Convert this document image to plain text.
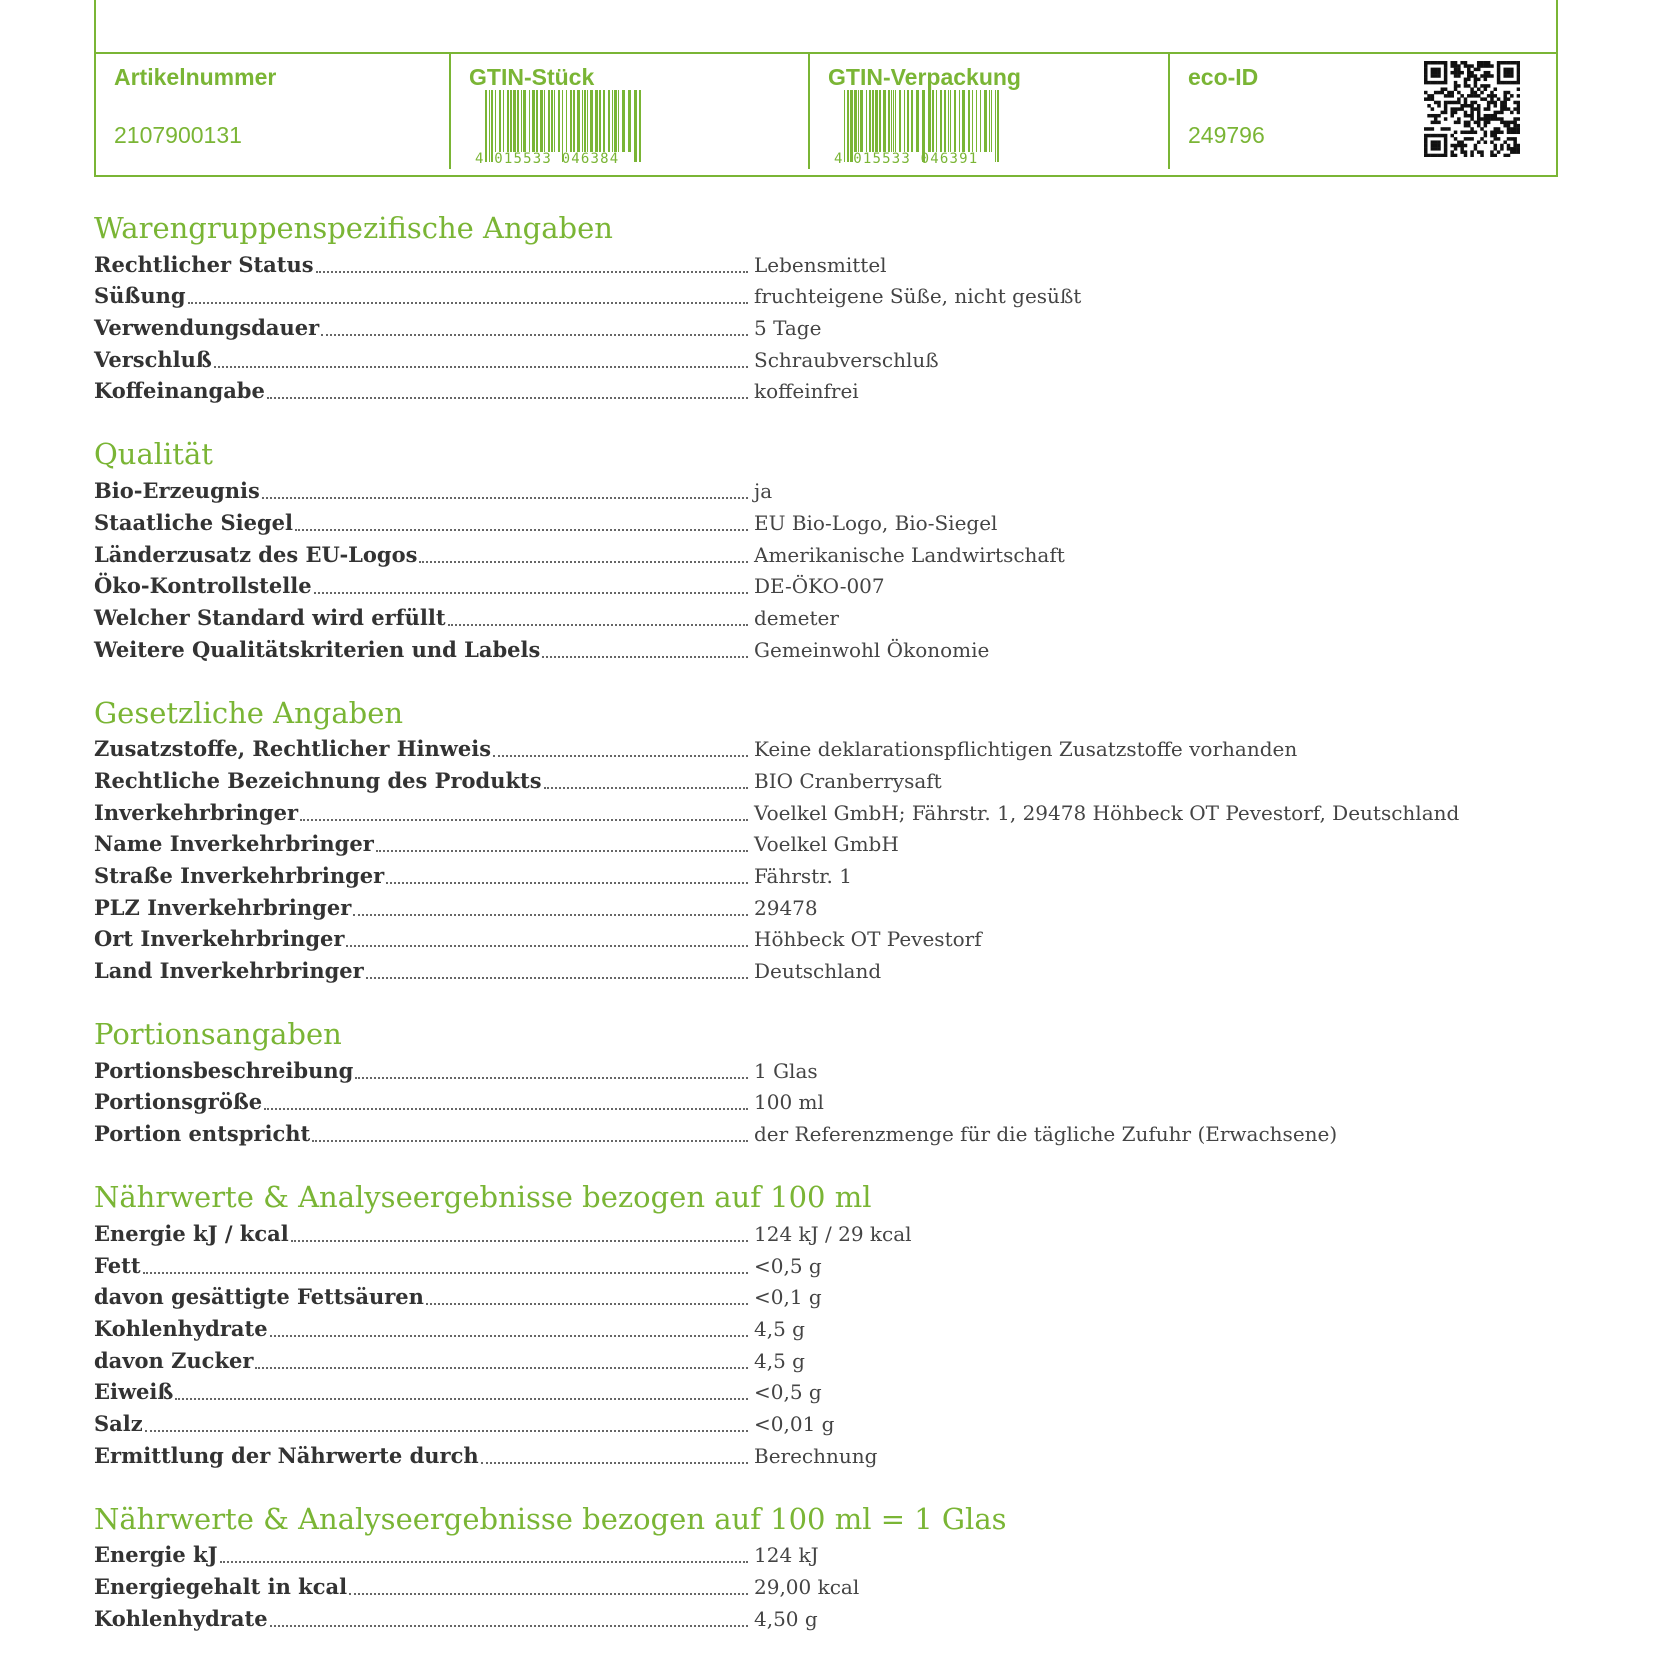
Artikelnummer
2107900131
GTIN-Stück
4 015533 046384
GTIN-Verpackung
4 015533 046391
eco-ID
249796
Warengruppenspezifische Angaben
Rechtlicher Status	Lebensmittel
Süßung	fruchteigene Süße, nicht gesüßt
Verwendungsdauer	5 Tage
Verschluß	Schraubverschluß
Koffeinangabe	koffeinfrei
Qualität
Bio-Erzeugnis	ja
Staatliche Siegel	EU Bio-Logo, Bio-Siegel
Länderzusatz des EU-Logos	Amerikanische Landwirtschaft
Öko-Kontrollstelle	DE-ÖKO-007
Welcher Standard wird erfüllt	demeter
Weitere Qualitätskriterien und Labels	Gemeinwohl Ökonomie
Gesetzliche Angaben
Zusatzstoffe, Rechtlicher Hinweis	Keine deklarationspflichtigen Zusatzstoffe vorhanden
Rechtliche Bezeichnung des Produkts	BIO Cranberrysaft
Inverkehrbringer	Voelkel GmbH; Fährstr. 1, 29478 Höhbeck OT Pevestorf, Deutschland
Name Inverkehrbringer	Voelkel GmbH
Straße Inverkehrbringer	Fährstr. 1
PLZ Inverkehrbringer	29478
Ort Inverkehrbringer	Höhbeck OT Pevestorf
Land Inverkehrbringer	Deutschland
Portionsangaben
Portionsbeschreibung	1 Glas
Portionsgröße	100 ml
Portion entspricht	der Referenzmenge für die tägliche Zufuhr (Erwachsene)
Nährwerte & Analyseergebnisse bezogen auf 100 ml
Energie kJ / kcal	124 kJ / 29 kcal
Fett	<0,5 g
davon gesättigte Fettsäuren	<0,1 g
Kohlenhydrate	4,5 g
davon Zucker	4,5 g
Eiweiß	<0,5 g
Salz	<0,01 g
Ermittlung der Nährwerte durch	Berechnung
Nährwerte & Analyseergebnisse bezogen auf 100 ml = 1 Glas
Energie kJ	124 kJ
Energiegehalt in kcal	29,00 kcal
Kohlenhydrate	4,50 g
